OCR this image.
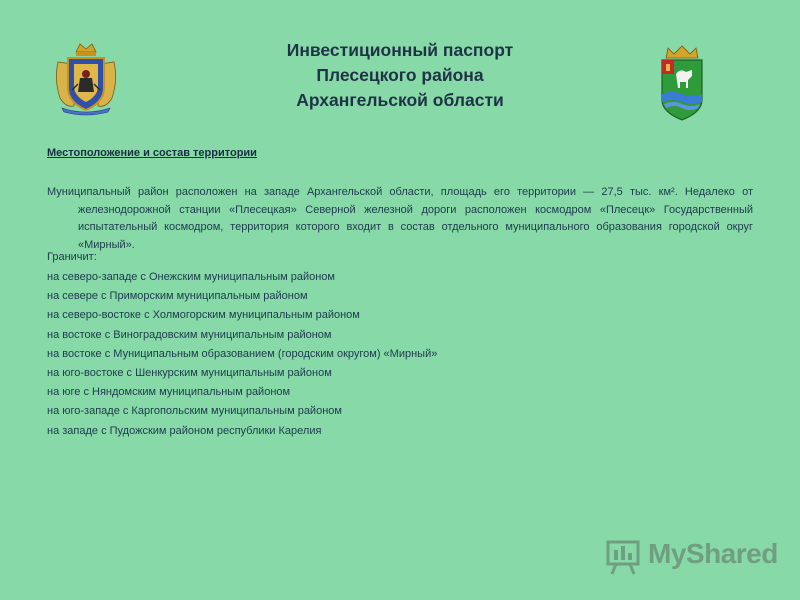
Инвестиционный паспорт
Плесецкого района
Архангельской области
Местоположение и состав территории
Муниципальный район расположен на западе Архангельской области, площадь его территории — 27,5 тыс. км². Недалеко от железнодорожной станции «Плесецкая» Северной железной дороги расположен космодром «Плесецк» Государственный испытательный космодром, территория которого входит в состав отдельного муниципального образования городской округ «Мирный».
Граничит:
на северо-западе с Онежским муниципальным районом
на севере с Приморским муниципальным районом
на северо-востоке с Холмогорским муниципальным районом
на востоке с Виноградовским муниципальным районом
на востоке с Муниципальным образованием (городским округом) «Мирный»
на юго-востоке с Шенкурским муниципальным районом
на юге с Няндомским муниципальным районом
на юго-западе с Каргопольским муниципальным районом
на западе с Пудожским районом республики Карелия
MyShared
